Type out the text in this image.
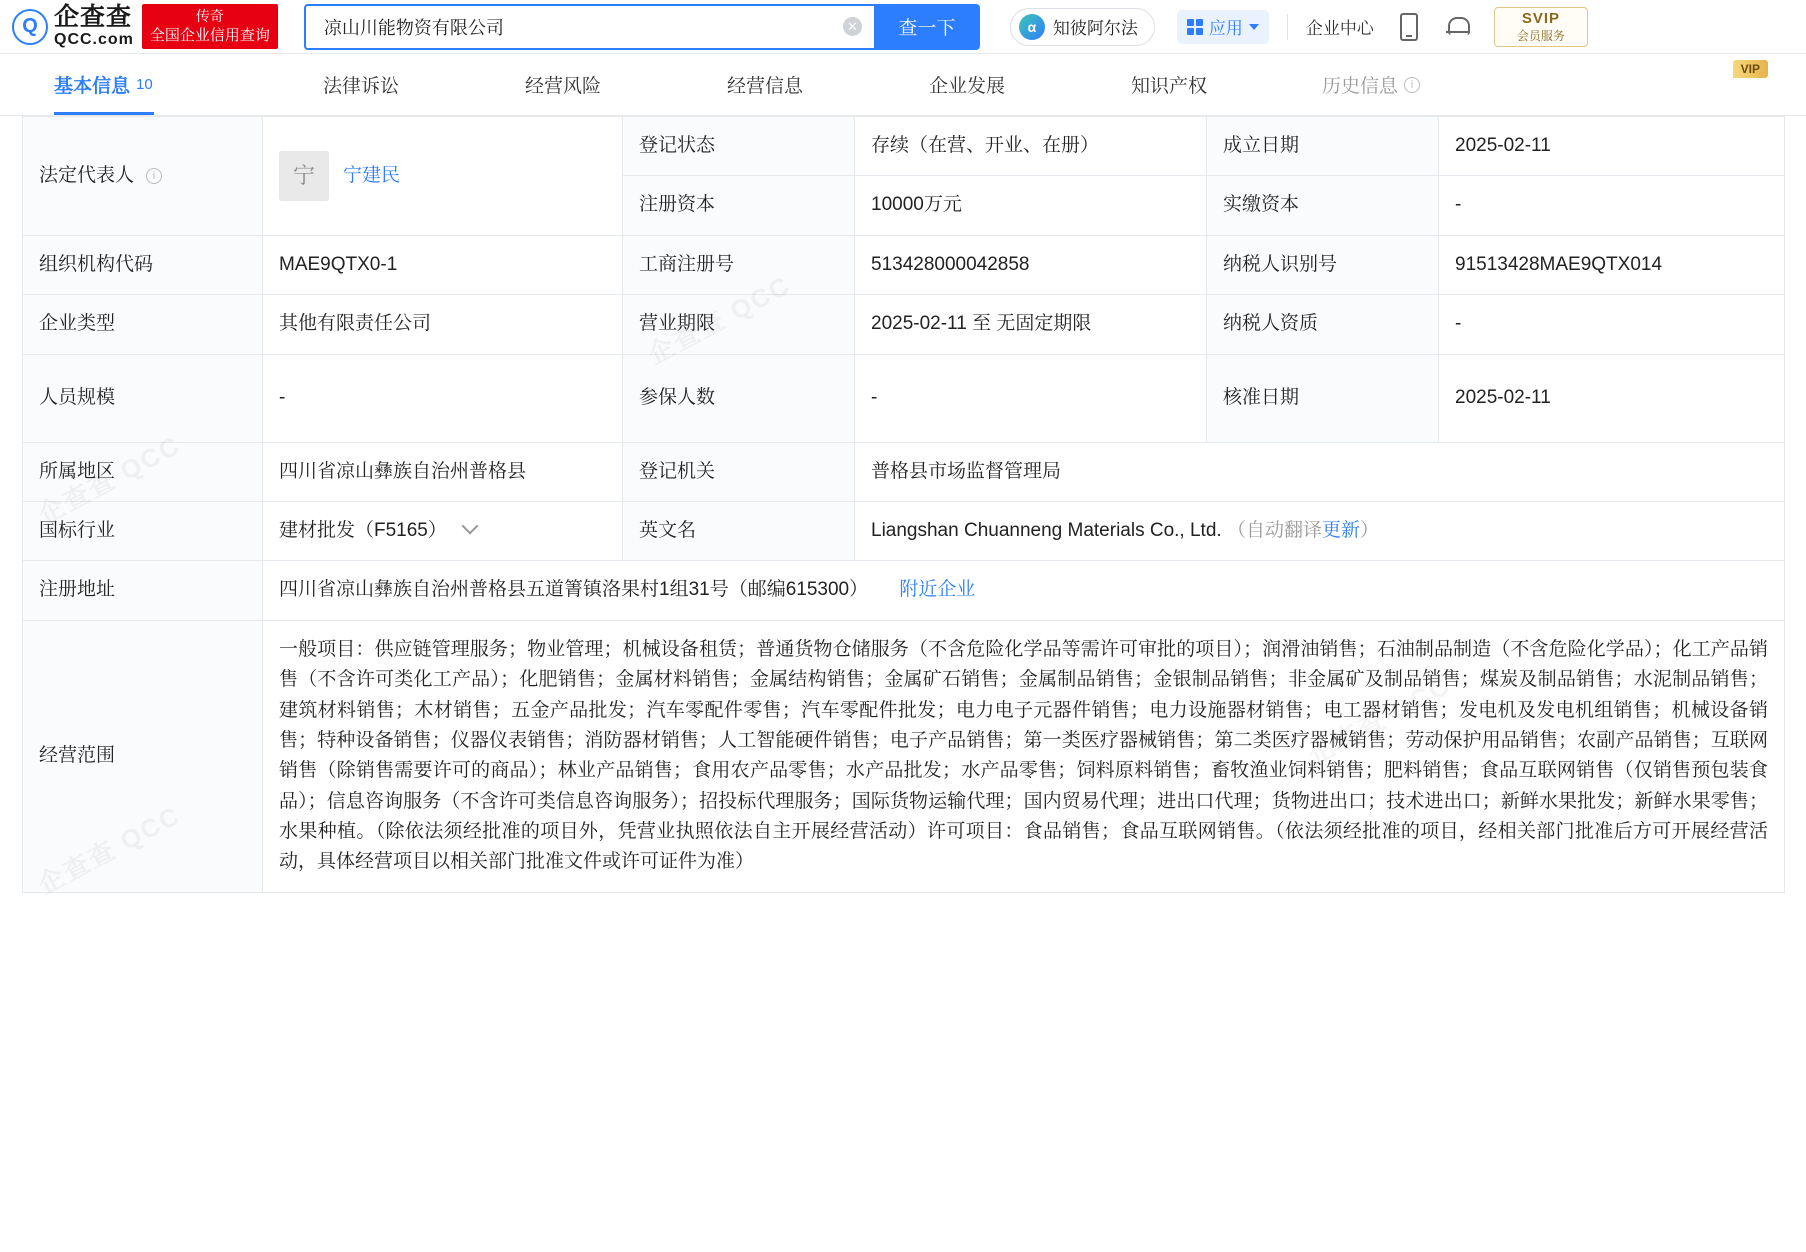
Q 企查查
QCC.com
传奇
全国企业信用查询
凉山川能物资有限公司
✕	查一下	α 知彼阿尔法	应用	企业中心
SVIP
会员服务
基本信息 10	法律诉讼	经营风险	经营信息	企业发展	知识产权	历史信息	i
VIP
法定代表人 i	宁 宁建民	登记状态	存续（在营、开业、在册）	成立日期	2025-02-11
		注册资本	10000万元	实缴资本	-
组织机构代码	MAE9QTX0-1	工商注册号	513428000042858	纳税人识别号	91513428MAE9QTX014
企业类型	其他有限责任公司	营业期限	2025-02-11 至 无固定期限	纳税人资质	-
人员规模	-	参保人数	-	核准日期	2025-02-11
所属地区	四川省凉山彝族自治州普格县	登记机关	普格县市场监督管理局		
国标行业	建材批发（F5165）	英文名	Liangshan Chuanneng Materials Co., Ltd. （自动翻译更新）		
注册地址	四川省凉山彝族自治州普格县五道箐镇洛果村1组31号（邮编615300） 附近企业				
经营范围	一般项目：供应链管理服务；物业管理；机械设备租赁；普通货物仓储服务（不含危险化学品等需许可审批的项目）；润滑油销售；石油制品制造（不含危险化学品）；化工产品销售（不含许可类化工产品）；化肥销售；金属材料销售；金属结构销售；金属矿石销售；金属制品销售；金银制品销售；非金属矿及制品销售；煤炭及制品销售；水泥制品销售；建筑材料销售；木材销售；五金产品批发；汽车零配件零售；汽车零配件批发；电力电子元器件销售；电力设施器材销售；电工器材销售；发电机及发电机组销售；机械设备销售；特种设备销售；仪器仪表销售；消防器材销售；人工智能硬件销售；电子产品销售；第一类医疗器械销售；第二类医疗器械销售；劳动保护用品销售；农副产品销售；互联网销售（除销售需要许可的商品）；林业产品销售；食用农产品零售；水产品批发；水产品零售；饲料原料销售；畜牧渔业饲料销售；肥料销售；食品互联网销售（仅销售预包装食品）；信息咨询服务（不含许可类信息咨询服务）；招投标代理服务；国际货物运输代理；国内贸易代理；进出口代理；货物进出口；技术进出口；新鲜水果批发；新鲜水果零售；水果种植。（除依法须经批准的项目外，凭营业执照依法自主开展经营活动）许可项目：食品销售；食品互联网销售。（依法须经批准的项目，经相关部门批准后方可开展经营活动，具体经营项目以相关部门批准文件或许可证件为准）				
